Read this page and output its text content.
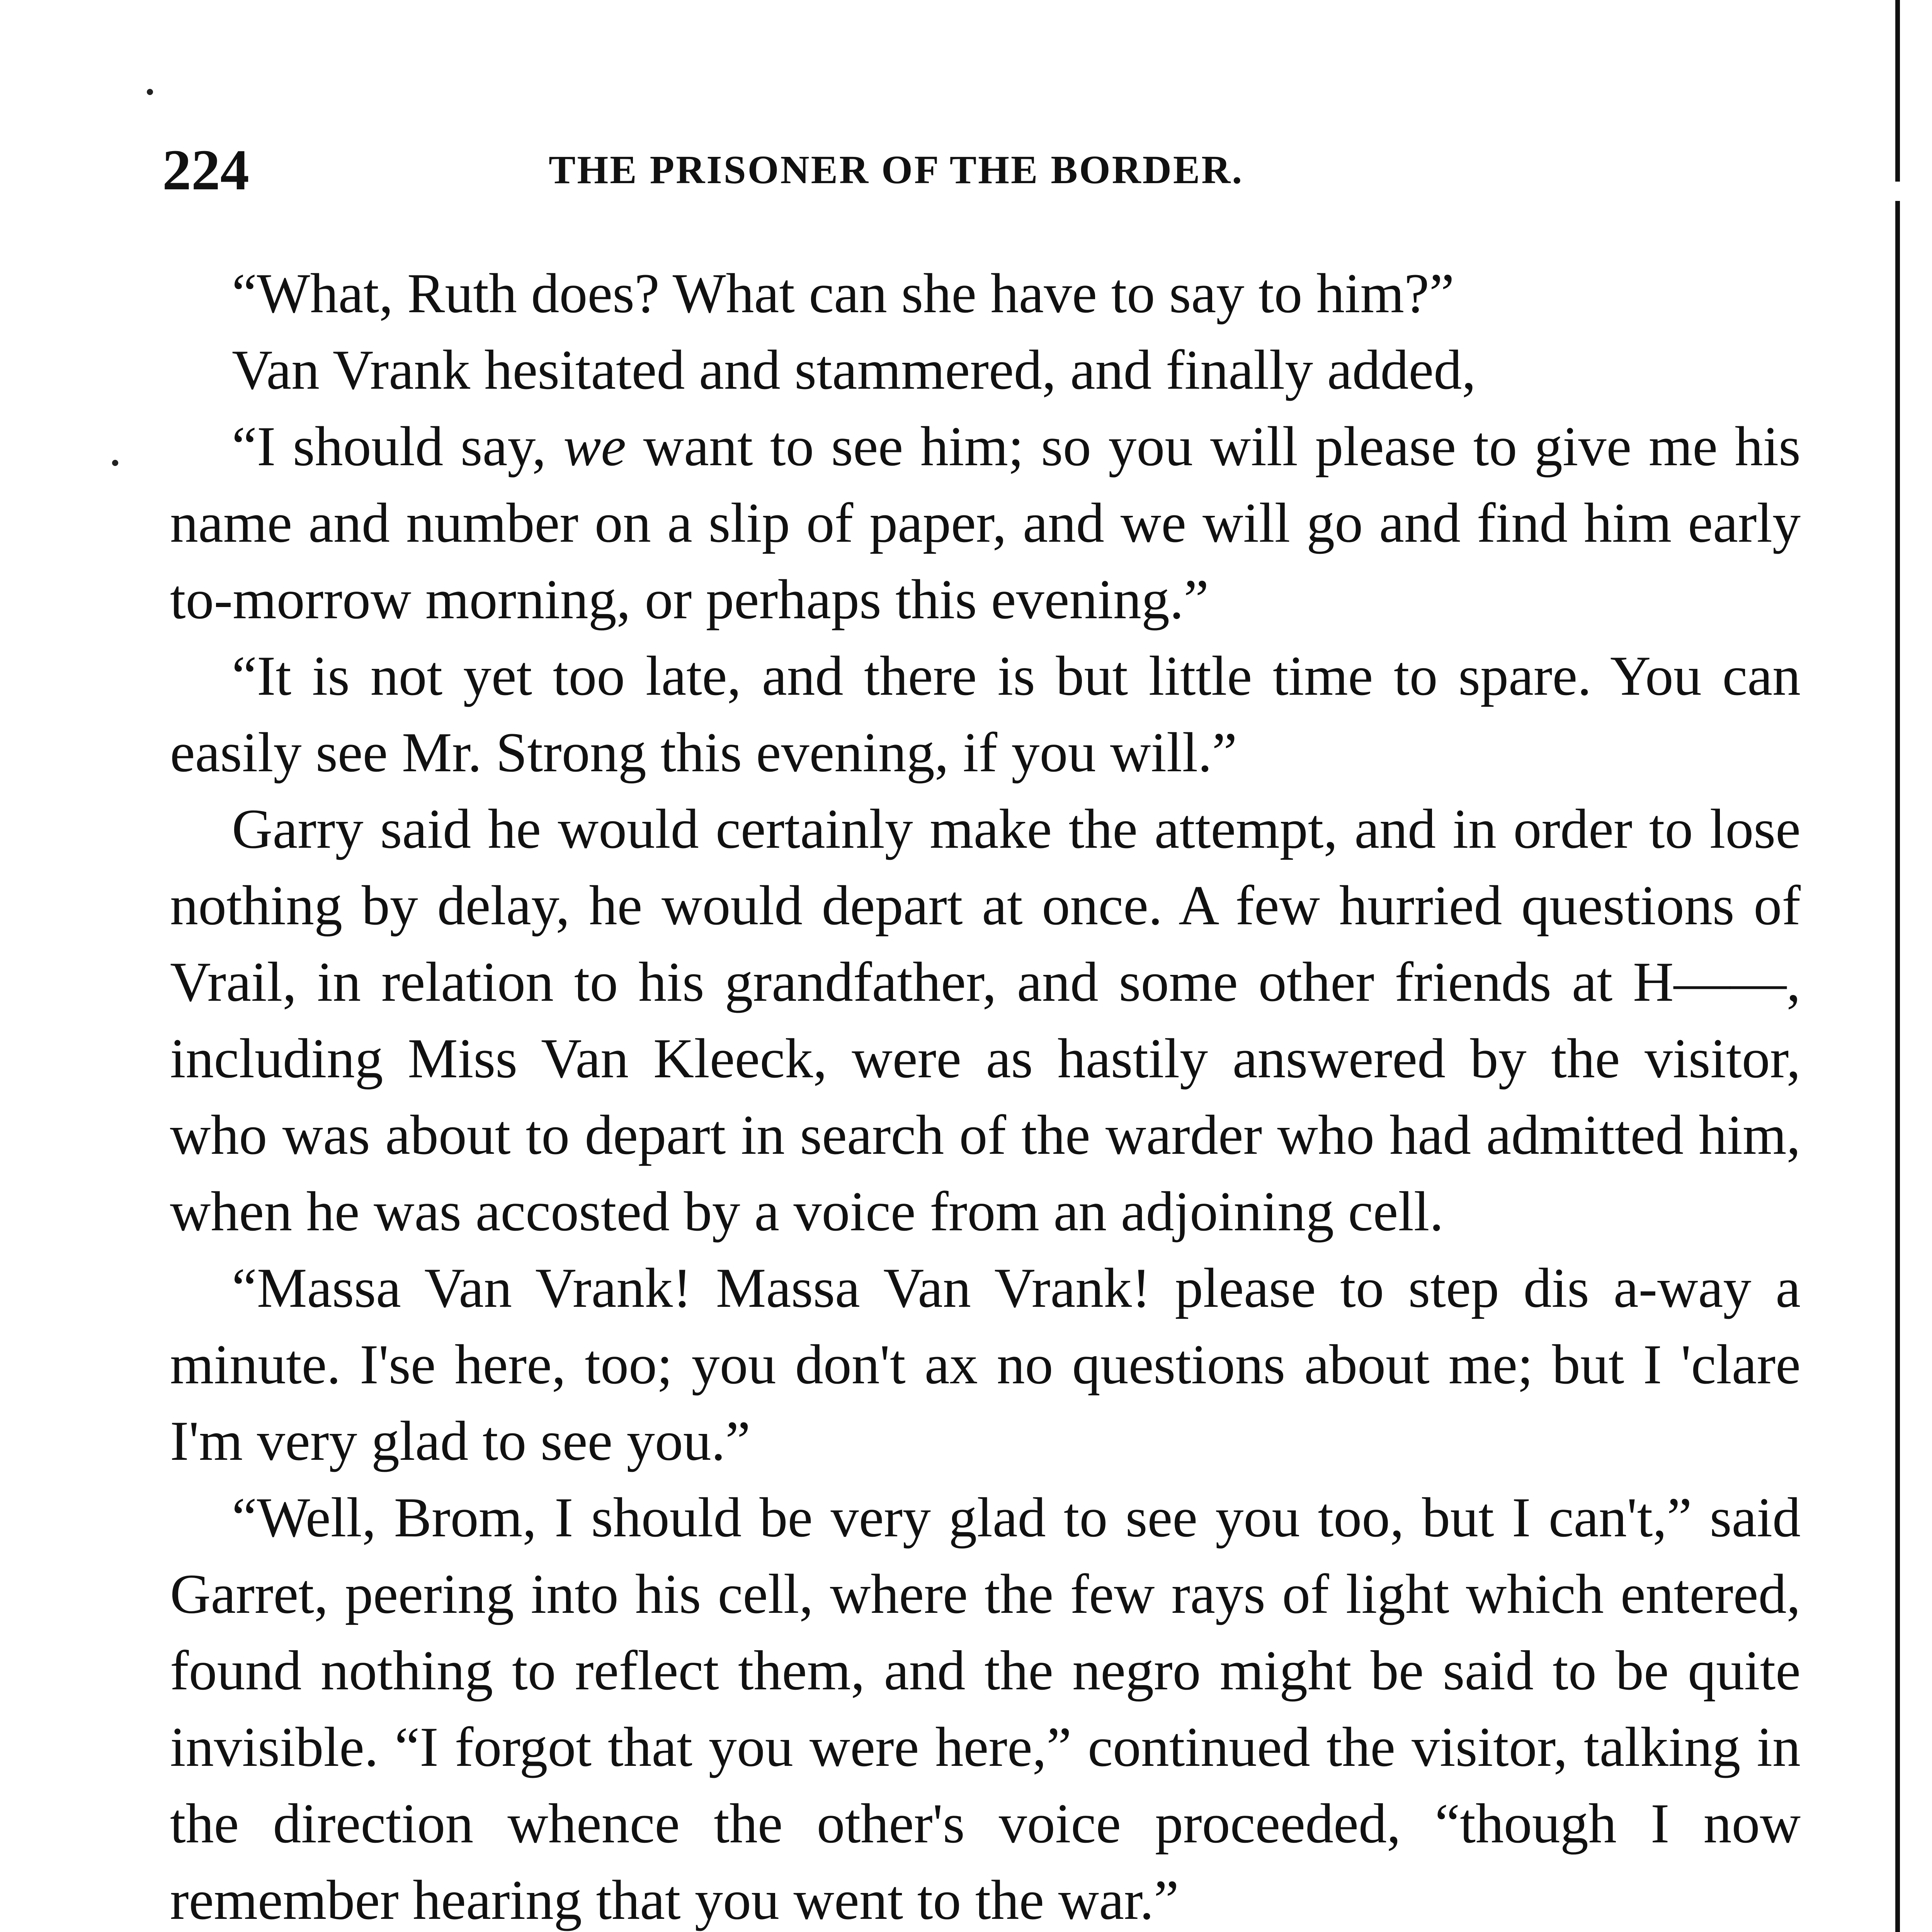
224	THE PRISONER OF THE BORDER.

“What, Ruth does? What can she have to say to him?”

Van Vrank hesitated and stammered, and finally added,

“I should say, we want to see him; so you will please to give me his name and number on a slip of paper, and we will go and find him early to-morrow morning, or perhaps this evening.”

“It is not yet too late, and there is but little time to spare. You can easily see Mr. Strong this evening, if you will.”

Garry said he would certainly make the attempt, and in order to lose nothing by delay, he would depart at once. A few hurried questions of Vrail, in relation to his grandfather, and some other friends at H——, including Miss Van Kleeck, were as hastily answered by the visitor, who was about to depart in search of the warder who had admitted him, when he was accosted by a voice from an adjoining cell.

“Massa Van Vrank! Massa Van Vrank! please to step dis a-way a minute. I'se here, too; you don't ax no questions about me; but I 'clare I'm very glad to see you.”

“Well, Brom, I should be very glad to see you too, but I can't,” said Garret, peering into his cell, where the few rays of light which entered, found nothing to reflect them, and the negro might be said to be quite invisible. “I forgot that you were here,” continued the visitor, talking in the direction whence the other's voice proceeded, “though I now remember hearing that you went to the war.”
